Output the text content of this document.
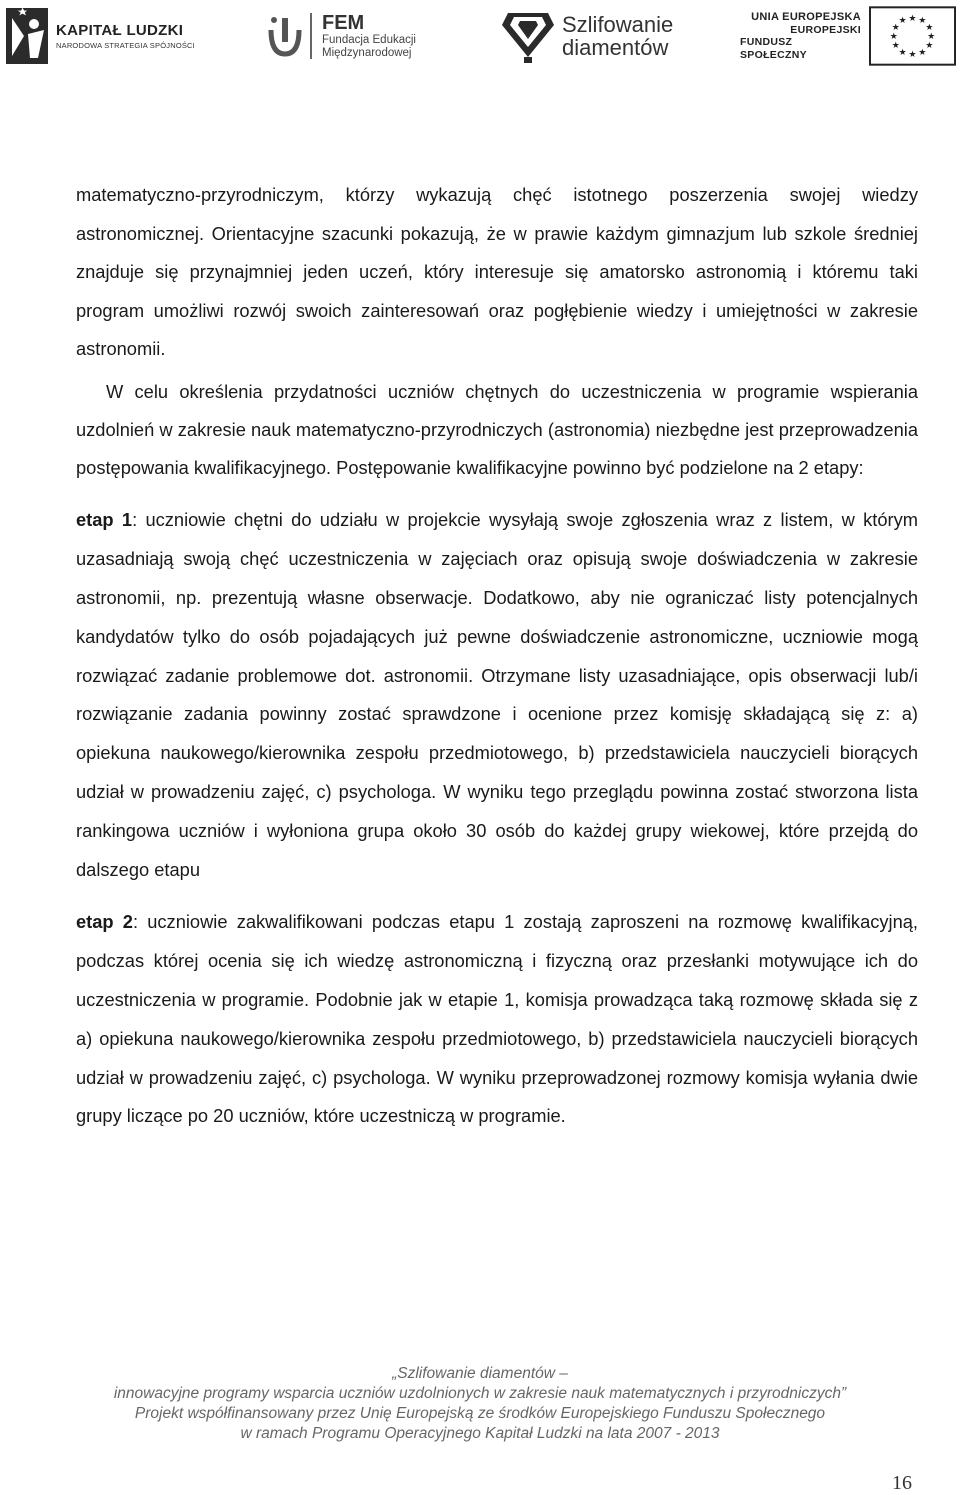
KAPITAŁ LUDZKI
NARODOWA STRATEGIA SPÓJNOŚCI
FEM
Fundacja Edukacji
Międzynarodowej
Szlifowanie
diamentów
UNIA EUROPEJSKA
EUROPEJSKI
FUNDUSZ SPOŁECZNY
★ ★
★
★
★
★
★
★
★
★
★
★

matematyczno-przyrodniczym, którzy wykazują chęć istotnego poszerzenia swojej wiedzy astronomicznej. Orientacyjne szacunki pokazują, że w prawie każdym gimnazjum lub szkole średniej znajduje się przynajmniej jeden uczeń, który interesuje się amatorsko astronomią i któremu taki program umożliwi rozwój swoich zainteresowań oraz pogłębienie wiedzy i umiejętności w zakresie astronomii.

W celu określenia przydatności uczniów chętnych do uczestniczenia w programie wspierania uzdolnień w zakresie nauk matematyczno-przyrodniczych (astronomia) niezbędne jest przeprowadzenia postępowania kwalifikacyjnego. Postępowanie kwalifikacyjne powinno być podzielone na 2 etapy:

etap 1: uczniowie chętni do udziału w projekcie wysyłają swoje zgłoszenia wraz z listem, w którym uzasadniają swoją chęć uczestniczenia w zajęciach oraz opisują swoje doświadczenia w zakresie astronomii, np. prezentują własne obserwacje. Dodatkowo, aby nie ograniczać listy potencjalnych kandydatów tylko do osób pojadających już pewne doświadczenie astronomiczne, uczniowie mogą rozwiązać zadanie problemowe dot. astronomii. Otrzymane listy uzasadniające, opis obserwacji lub/i rozwiązanie zadania powinny zostać sprawdzone i ocenione przez komisję składającą się z: a) opiekuna naukowego/kierownika zespołu przedmiotowego, b) przedstawiciela nauczycieli biorących udział w prowadzeniu zajęć, c) psychologa. W wyniku tego przeglądu powinna zostać stworzona lista rankingowa uczniów i wyłoniona grupa około 30 osób do każdej grupy wiekowej, które przejdą do dalszego etapu

etap 2: uczniowie zakwalifikowani podczas etapu 1 zostają zaproszeni na rozmowę kwalifikacyjną, podczas której ocenia się ich wiedzę astronomiczną i fizyczną oraz przesłanki motywujące ich do uczestniczenia w programie. Podobnie jak w etapie 1, komisja prowadząca taką rozmowę składa się z a) opiekuna naukowego/kierownika zespołu przedmiotowego, b) przedstawiciela nauczycieli biorących udział w prowadzeniu zajęć, c) psychologa. W wyniku przeprowadzonej rozmowy komisja wyłania dwie grupy liczące po 20 uczniów, które uczestniczą w programie.

„Szlifowanie diamentów –
innowacyjne programy wsparcia uczniów uzdolnionych w zakresie nauk matematycznych i przyrodniczych”
Projekt współfinansowany przez Unię Europejską ze środków Europejskiego Funduszu Społecznego
w ramach Programu Operacyjnego Kapitał Ludzki na lata 2007 - 2013
16
